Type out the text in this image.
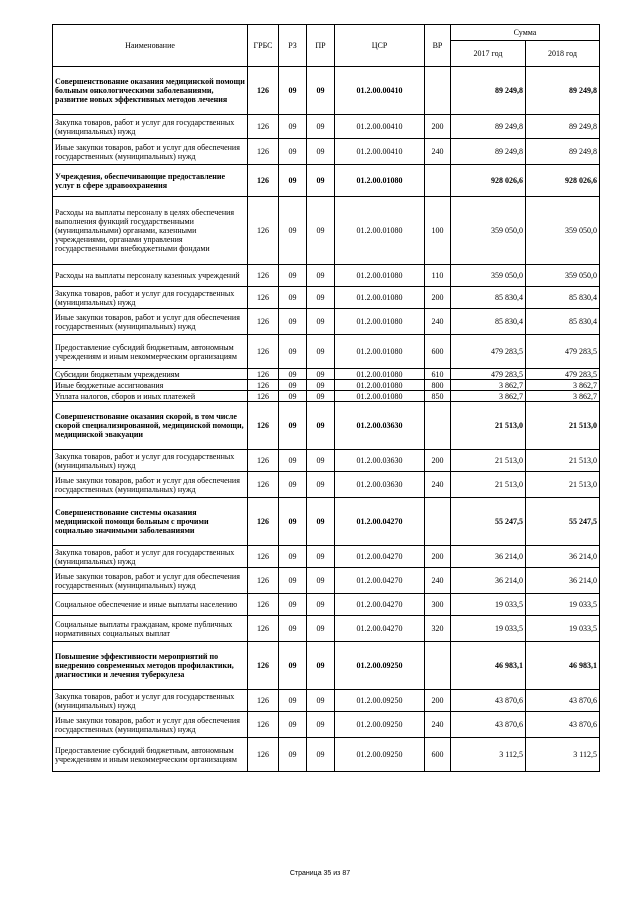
Наименование	ГРБС	РЗ	ПР	ЦСР	ВР	Сумма	
						2017 год	2018 год
Совершенствование оказания медицинской помощи больным онкологическими заболеваниями, развитие новых эффективных методов лечения	126	09	09	01.2.00.00410		89 249,8	89 249,8
Закупка товаров, работ и услуг для государственных (муниципальных) нужд	126	09	09	01.2.00.00410	200	89 249,8	89 249,8
Иные закупки товаров, работ и услуг для обеспечения государственных (муниципальных) нужд	126	09	09	01.2.00.00410	240	89 249,8	89 249,8
Учреждения, обеспечивающие предоставление услуг в сфере здравоохранения	126	09	09	01.2.00.01080		928 026,6	928 026,6
Расходы на выплаты персоналу в целях обеспечения выполнения функций государственными (муниципальными) органами, казенными учреждениями, органами управления государственными внебюджетными фондами	126	09	09	01.2.00.01080	100	359 050,0	359 050,0
Расходы на выплаты персоналу казенных учреждений	126	09	09	01.2.00.01080	110	359 050,0	359 050,0
Закупка товаров, работ и услуг для государственных (муниципальных) нужд	126	09	09	01.2.00.01080	200	85 830,4	85 830,4
Иные закупки товаров, работ и услуг для обеспечения государственных (муниципальных) нужд	126	09	09	01.2.00.01080	240	85 830,4	85 830,4
Предоставление субсидий бюджетным, автономным учреждениям и иным некоммерческим организациям	126	09	09	01.2.00.01080	600	479 283,5	479 283,5
Субсидии бюджетным учреждениям	126	09	09	01.2.00.01080	610	479 283,5	479 283,5
Иные бюджетные ассигнования	126	09	09	01.2.00.01080	800	3 862,7	3 862,7
Уплата налогов, сборов и иных платежей	126	09	09	01.2.00.01080	850	3 862,7	3 862,7
Совершенствование оказания скорой, в том числе скорой специализированной, медицинской помощи, медицинской эвакуации	126	09	09	01.2.00.03630		21 513,0	21 513,0
Закупка товаров, работ и услуг для государственных (муниципальных) нужд	126	09	09	01.2.00.03630	200	21 513,0	21 513,0
Иные закупки товаров, работ и услуг для обеспечения государственных (муниципальных) нужд	126	09	09	01.2.00.03630	240	21 513,0	21 513,0
Совершенствование системы оказания медицинской помощи больным с прочими социально значимыми заболеваниями	126	09	09	01.2.00.04270		55 247,5	55 247,5
Закупка товаров, работ и услуг для государственных (муниципальных) нужд	126	09	09	01.2.00.04270	200	36 214,0	36 214,0
Иные закупки товаров, работ и услуг для обеспечения государственных (муниципальных) нужд	126	09	09	01.2.00.04270	240	36 214,0	36 214,0
Социальное обеспечение и иные выплаты населению	126	09	09	01.2.00.04270	300	19 033,5	19 033,5
Социальные выплаты гражданам, кроме публичных нормативных социальных выплат	126	09	09	01.2.00.04270	320	19 033,5	19 033,5
Повышение эффективности мероприятий по внедрению современных методов профилактики, диагностики и лечения туберкулеза	126	09	09	01.2.00.09250		46 983,1	46 983,1
Закупка товаров, работ и услуг для государственных (муниципальных) нужд	126	09	09	01.2.00.09250	200	43 870,6	43 870,6
Иные закупки товаров, работ и услуг для обеспечения государственных (муниципальных) нужд	126	09	09	01.2.00.09250	240	43 870,6	43 870,6
Предоставление субсидий бюджетным, автономным учреждениям и иным некоммерческим организациям	126	09	09	01.2.00.09250	600	3 112,5	3 112,5
Страница 35 из 87
